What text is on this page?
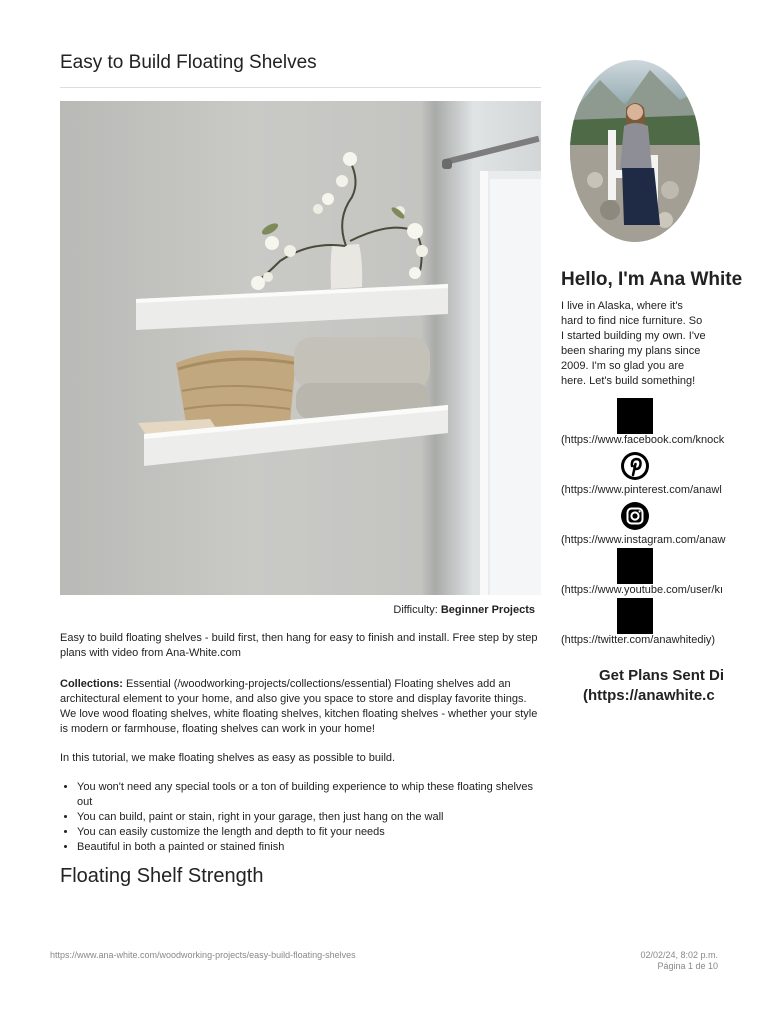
Easy to Build Floating Shelves
Difficulty: Beginner Projects

Easy to build floating shelves - build first, then hang for easy to finish and install. Free step by step plans with video from Ana-White.com

Collections: Essential (/woodworking-projects/collections/essential) Floating shelves add an architectural element to your home, and also give you space to store and display favorite things. We love wood floating shelves, white floating shelves, kitchen floating shelves - whether your style is modern or farmhouse, floating shelves can work in your home!

In this tutorial, we make floating shelves as easy as possible to build.

• You won't need any special tools or a ton of building experience to whip these floating shelves out
• You can build, paint or stain, right in your garage, then just hang on the wall
• You can easily customize the length and depth to fit your needs
• Beautiful in both a painted or stained finish
Floating Shelf Strength
Hello, I'm Ana White
I live in Alaska, where it's hard to find nice furniture. So I started building my own. I've been sharing my plans since 2009. I'm so glad you are here. Let's build something!
(https://www.facebook.com/knock
(https://www.pinterest.com/anawl
(https://www.instagram.com/anaw
(https://www.youtube.com/user/kı
(https://twitter.com/anawhitediy)
Get Plans Sent Di
(https://anawhite.c
https://www.ana-white.com/woodworking-projects/easy-build-floating-shelves	02/02/24, 8:02 p.m.
Página 1 de 10
